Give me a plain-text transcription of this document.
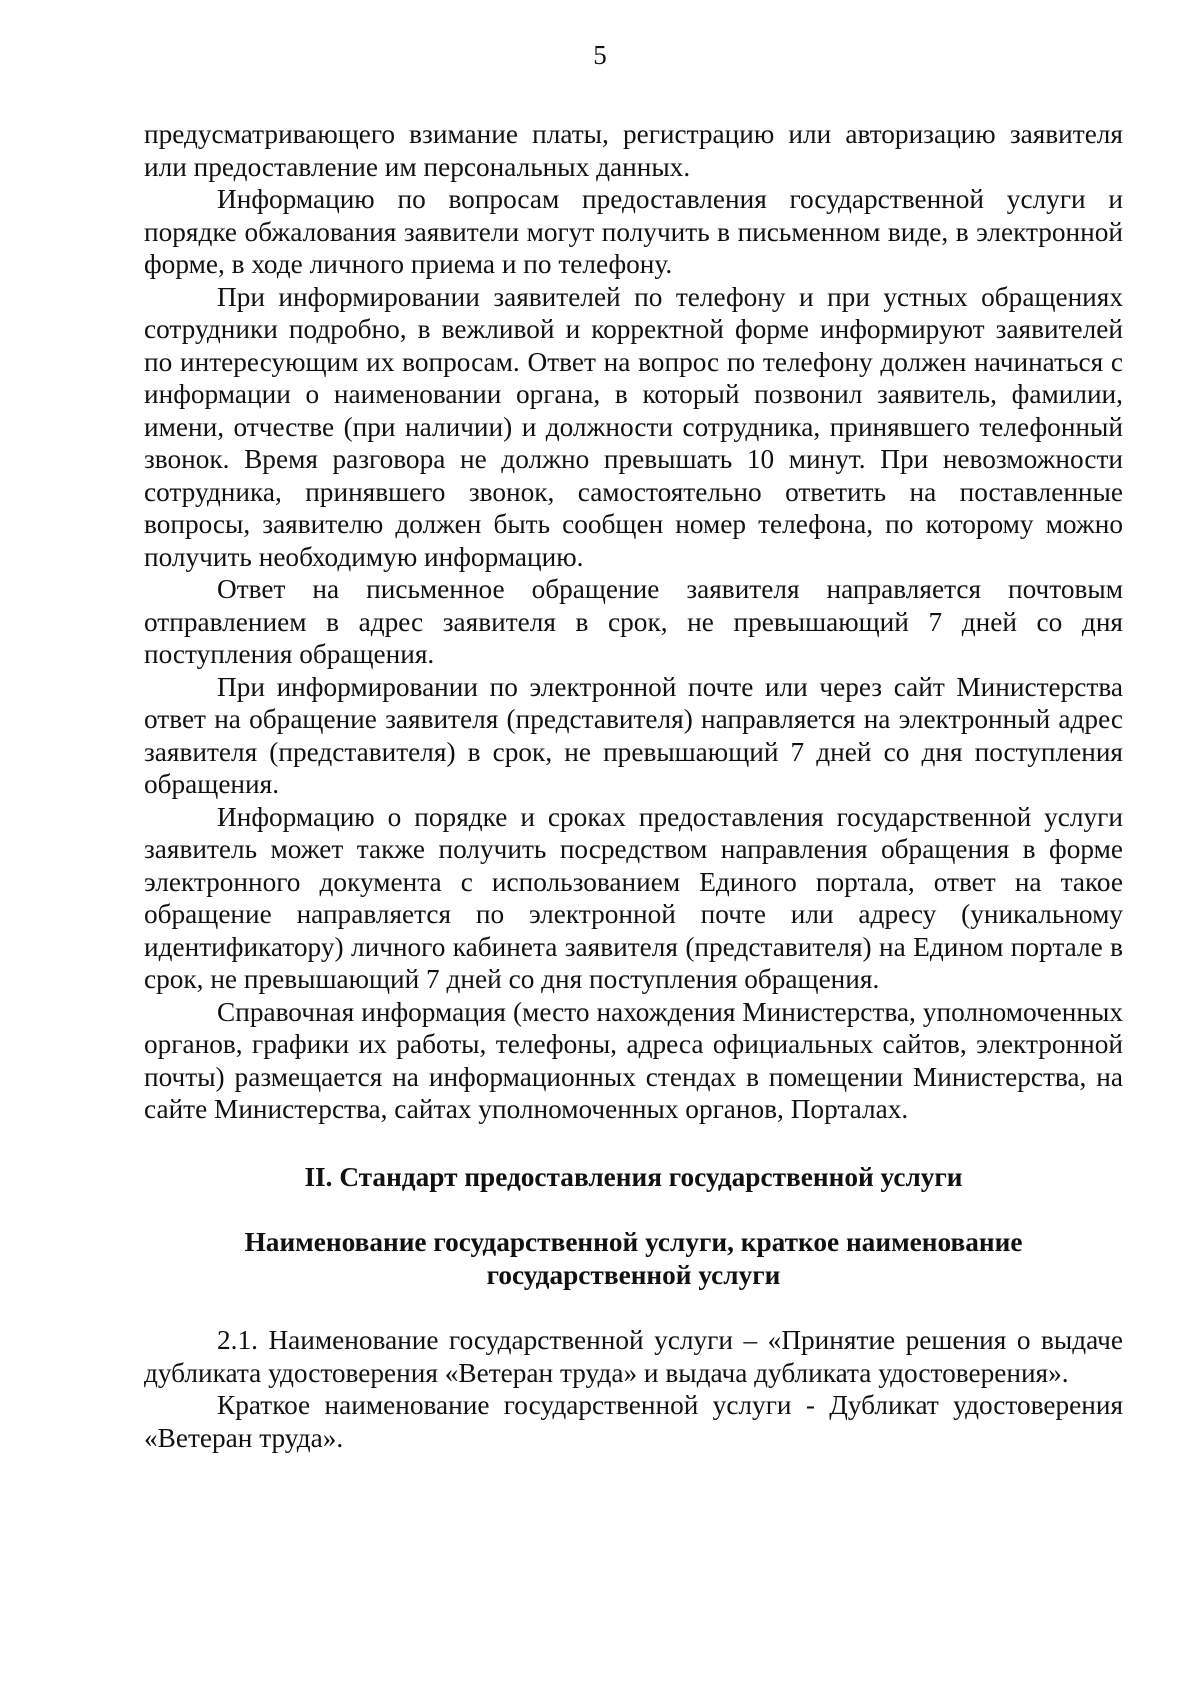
5

предусматривающего взимание платы, регистрацию или авторизацию заявителя или предоставление им персональных данных.

Информацию по вопросам предоставления государственной услуги и порядке обжалования заявители могут получить в письменном виде, в электронной форме, в ходе личного приема и по телефону.

При информировании заявителей по телефону и при устных обращениях сотрудники подробно, в вежливой и корректной форме информируют заявителей по интересующим их вопросам. Ответ на вопрос по телефону должен начинаться с информации о наименовании органа, в который позвонил заявитель, фамилии, имени, отчестве (при наличии) и должности сотрудника, принявшего телефонный звонок. Время разговора не должно превышать 10 минут. При невозможности сотрудника, принявшего звонок, самостоятельно ответить на поставленные вопросы, заявителю должен быть сообщен номер телефона, по которому можно получить необходимую информацию.

Ответ на письменное обращение заявителя направляется почтовым отправлением в адрес заявителя в срок, не превышающий 7 дней со дня поступления обращения.

При информировании по электронной почте или через сайт Министерства ответ на обращение заявителя (представителя) направляется на электронный адрес заявителя (представителя) в срок, не превышающий 7 дней со дня поступления обращения.

Информацию о порядке и сроках предоставления государственной услуги заявитель может также получить посредством направления обращения в форме электронного документа с использованием Единого портала, ответ на такое обращение направляется по электронной почте или адресу (уникальному идентификатору) личного кабинета заявителя (представителя) на Едином портале в срок, не превышающий 7 дней со дня поступления обращения.

Справочная информация (место нахождения Министерства, уполномоченных органов, графики их работы, телефоны, адреса официальных сайтов, электронной почты) размещается на информационных стендах в помещении Министерства, на сайте Министерства, сайтах уполномоченных органов, Порталах.

II. Стандарт предоставления государственной услуги
Наименование государственной услуги, краткое наименование
государственной услуги

2.1. Наименование государственной услуги – «Принятие решения о выдаче дубликата удостоверения «Ветеран труда» и выдача дубликата удостоверения».

Краткое наименование государственной услуги - Дубликат удостоверения «Ветеран труда».
